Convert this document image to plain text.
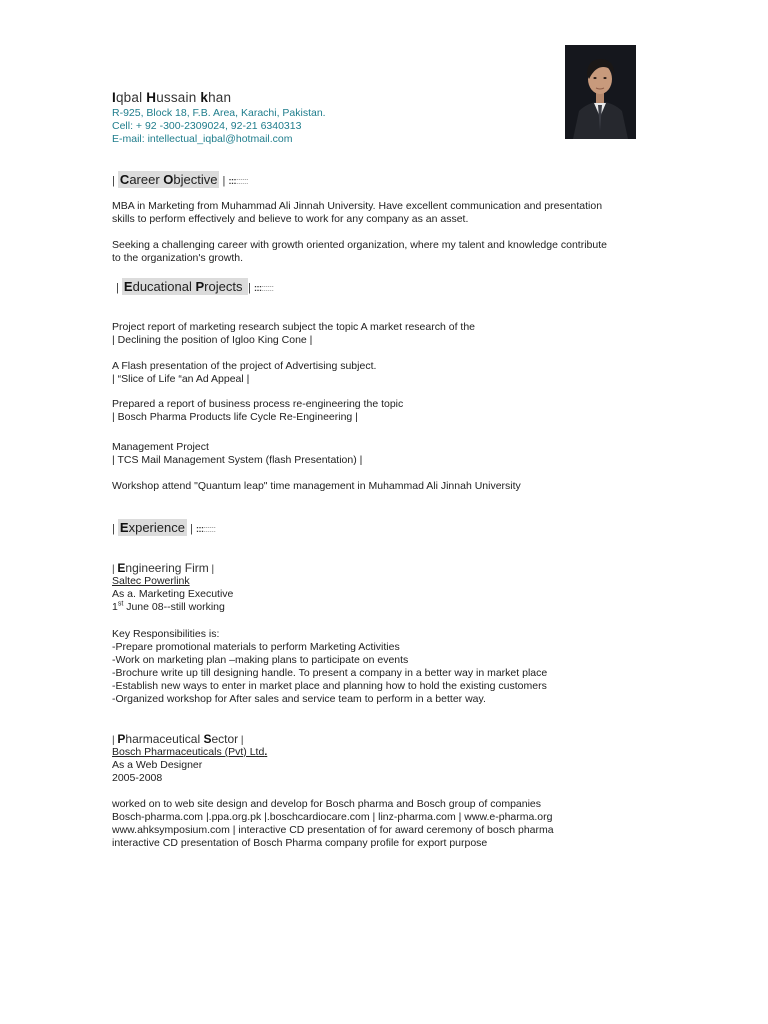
Iqbal Hussain khan
R-925, Block 18, F.B. Area, Karachi, Pakistan.
Cell: + 92 -300-2309024, 92-21 6340313
E-mail: intellectual_iqbal@hotmail.com
| Career Objective | :::::::::
MBA in Marketing from Muhammad Ali Jinnah University. Have excellent communication and presentation
skills to perform effectively and believe to work for any company as an asset.
Seeking a challenging career with growth oriented organization, where my talent and knowledge contribute
to the organization's growth.
| Educational Projects | :::::::::
Project report of marketing research subject the topic A market research of the
| Declining the position of Igloo King Cone |
A Flash presentation of the project of Advertising subject.
| “Slice of Life “an Ad Appeal |
Prepared a report of business process re-engineering the topic
| Bosch Pharma Products life Cycle Re-Engineering |
Management Project
| TCS Mail Management System (flash Presentation) |
Workshop attend "Quantum leap" time management in Muhammad Ali Jinnah University
| Experience | :::::::::
| Engineering Firm |
Saltec Powerlink
As a. Marketing Executive
1st June 08--still working
Key Responsibilities is:
-Prepare promotional materials to perform Marketing Activities
-Work on marketing plan –making plans to participate on events
-Brochure write up till designing handle. To present a company in a better way in market place
-Establish new ways to enter in market place and planning how to hold the existing customers
-Organized workshop for After sales and service team to perform in a better way.
| Pharmaceutical Sector |
Bosch Pharmaceuticals (Pvt) Ltd.
As a Web Designer
2005-2008
worked on to web site design and develop for Bosch pharma and Bosch group of companies
Bosch-pharma.com |.ppa.org.pk |.boschcardiocare.com | linz-pharma.com | www.e-pharma.org
www.ahksymposium.com | interactive CD presentation of for award ceremony of bosch pharma
interactive CD presentation of Bosch Pharma company profile for export purpose
